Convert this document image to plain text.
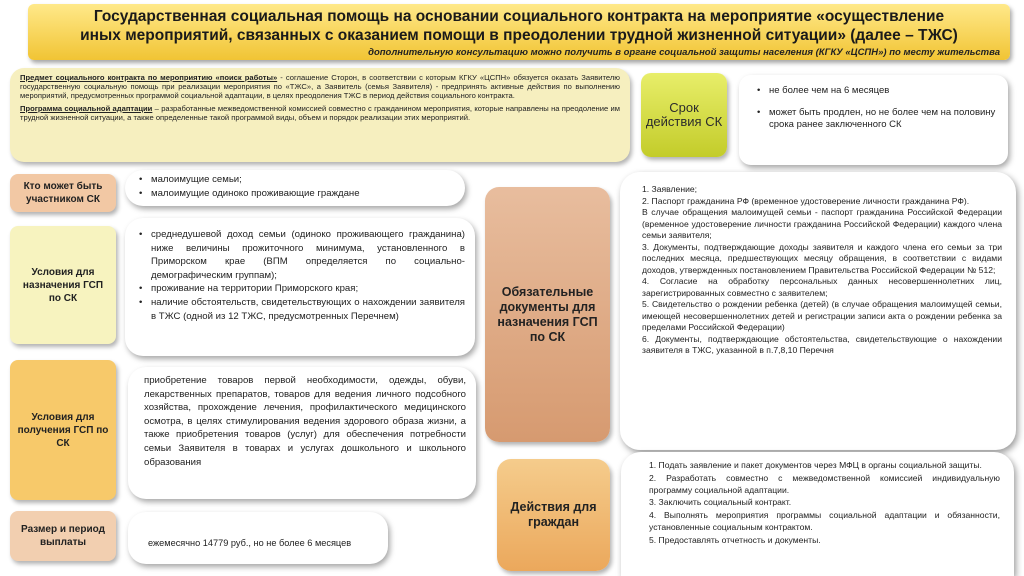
Государственная социальная помощь на основании социального контракта на мероприятие «осуществление
иных мероприятий, связанных с оказанием помощи в преодолении трудной жизненной ситуации» (далее – ТЖС)
дополнительную консультацию можно получить в органе социальной защиты населения (КГКУ «ЦСПН») по месту жительства

Предмет социального контракта по мероприятию «поиск работы» - соглашение Сторон, в соответствии с которым КГКУ «ЦСПН» обязуется оказать Заявителю государственную социальную помощь при реализации мероприятия по «ТЖС», а Заявитель (семья Заявителя) - предпринять активные действия по выполнению мероприятий, предусмотренных программой социальной адаптации, в целях преодоления ТЖС в период действия социального контракта.

Программа социальной адаптации – разработанные межведомственной комиссией совместно с гражданином мероприятия, которые направлены на преодоление им трудной жизненной ситуации, а также определенные такой программой виды, объем и порядок реализации этих мероприятий.

Срок действия СК
• не более чем на 6 месяцев
• может быть продлен, но не более чем на половину срока ранее заключенного СК
Кто может быть участником СК
• малоимущие семьи;
• малоимущие одиноко проживающие граждане
Условия для назначения ГСП по СК
• среднедушевой доход семьи (одиноко проживающего гражданина) ниже величины прожиточного минимума, установленного в Приморском крае (ВПМ определяется по социально-демографическим группам);
• проживание на территории Приморского края;
• наличие обстоятельств, свидетельствующих о нахождении заявителя в ТЖС (одной из 12 ТЖС, предусмотренных Перечнем)
Условия для получения ГСП по СК
приобретение товаров первой необходимости, одежды, обуви, лекарственных препаратов, товаров для ведения личного подсобного хозяйства, прохождение лечения, профилактического медицинского осмотра, в целях стимулирования ведения здорового образа жизни, а также приобретения товаров (услуг) для обеспечения потребности семьи Заявителя в товарах и услугах дошкольного и школьного образования
Размер и период выплаты	ежемесячно 14779 руб., но не более 6 месяцев
Обязательные документы для назначения ГСП по СК

1. Заявление;

2. Паспорт гражданина РФ (временное удостоверение личности гражданина РФ).

В случае обращения малоимущей семьи - паспорт гражданина Российской Федерации (временное удостоверение личности гражданина Российской Федерации) каждого члена семьи заявителя;

3. Документы, подтверждающие доходы заявителя и каждого члена его семьи за три последних месяца, предшествующих месяцу обращения, в соответствии с видами доходов, утвержденных постановлением Правительства Российской Федерации № 512;

4. Согласие на обработку персональных данных несовершеннолетних лиц, зарегистрированных совместно с заявителем;

5. Свидетельство о рождении ребенка (детей) (в случае обращения малоимущей семьи, имеющей несовершеннолетних детей и регистрации записи акта о рождении ребенка за пределами Российской Федерации)

6. Документы, подтверждающие обстоятельства, свидетельствующие о нахождении заявителя в ТЖС, указанной в п.7,8,10 Перечня

Действия для граждан

1. Подать заявление и пакет документов через МФЦ в органы социальной защиты.

2. Разработать совместно с межведомственной комиссией индивидуальную программу социальной адаптации.

3. Заключить социальный контракт.

4. Выполнять мероприятия программы социальной адаптации и обязанности, установленные социальным контрактом.

5. Предоставлять отчетность и документы.
